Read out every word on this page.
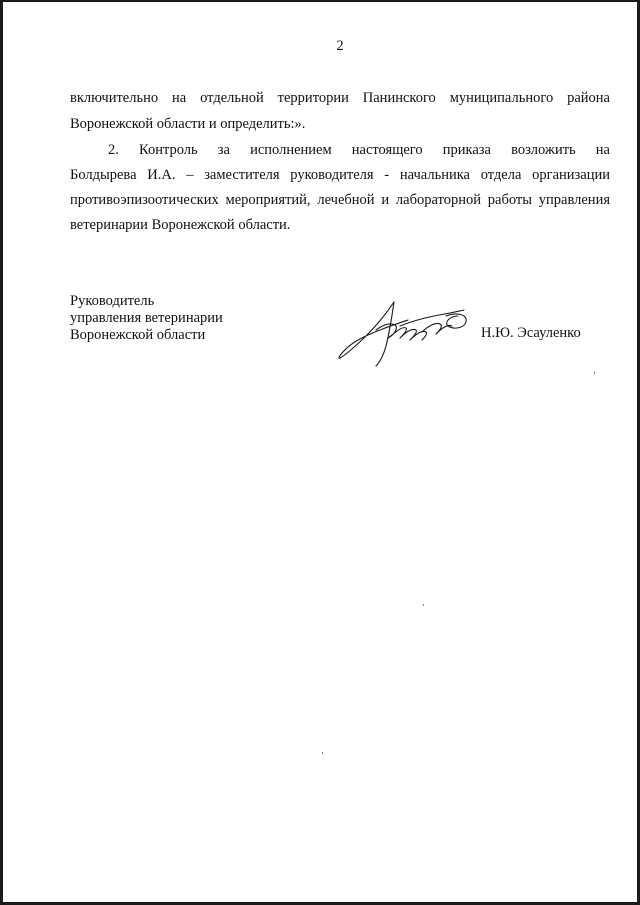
2
включительно на отдельной территории Панинского муниципального района
Воронежской области и определить:».
2. Контроль за исполнением настоящего приказа возложить на
Болдырева И.А. – заместителя руководителя - начальника отдела организации
противоэпизоотических мероприятий, лечебной и лабораторной работы управления
ветеринарии Воронежской области.
Руководитель
управления ветеринарии
Воронежской области	Н.Ю. Эсауленко
